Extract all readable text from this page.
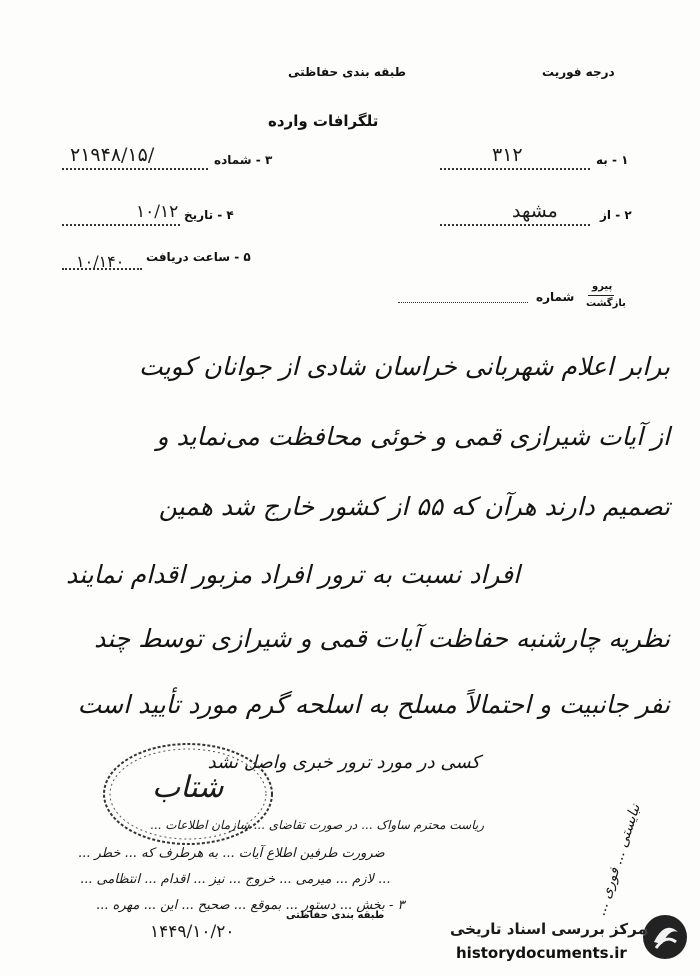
درجه فوریت
طبقه بندی حفاظتی
تلگرافات وارده
۱ - به
۳۱۲
۲ - از
مشهد
۳ - شماده
۲۱۹۴۸/۱۵/
۴ - تاریخ
۱۰/۱۲
۵ - ساعت دریافت
۱۰/۱۴۰
پیرو
بازگشت
شماره
برابر اعلام شهربانی خراسان شادی از جوانان کویت
از آیات شیرازی قمی و خوئی محافظت می‌نماید و
تصمیم دارند هرآن که ۵۵ از کشور خارج شد همین
افراد نسبت به ترور افراد مزبور اقدام نمایند
نظریه چارشنبه حفاظت آیات قمی و شیرازی توسط چند
نفر جانبیت و احتمالاً مسلح به اسلحه گرم مورد تأیید است
کسی در مورد ترور خبری واصل نشد
شتاب
ریاست محترم ساواک ... در صورت تقاضای ... سازمان اطلاعات ...
ضرورت طرفین اطلاع آیات ... به هرطرف که ... خطر ...
... لازم ... میرمی ... خروج ... نیز ... اقدام ... انتظامی ...
۳ - بخش ... دستور ... بموقع ... صحیح ... این ... مهره ...
طبقه بندی حفاظتی
۱۴۴۹/۱۰/۲۰
نبایستی ... فوری ...
مرکز بررسی اسناد تاریخی
historydocuments.ir
